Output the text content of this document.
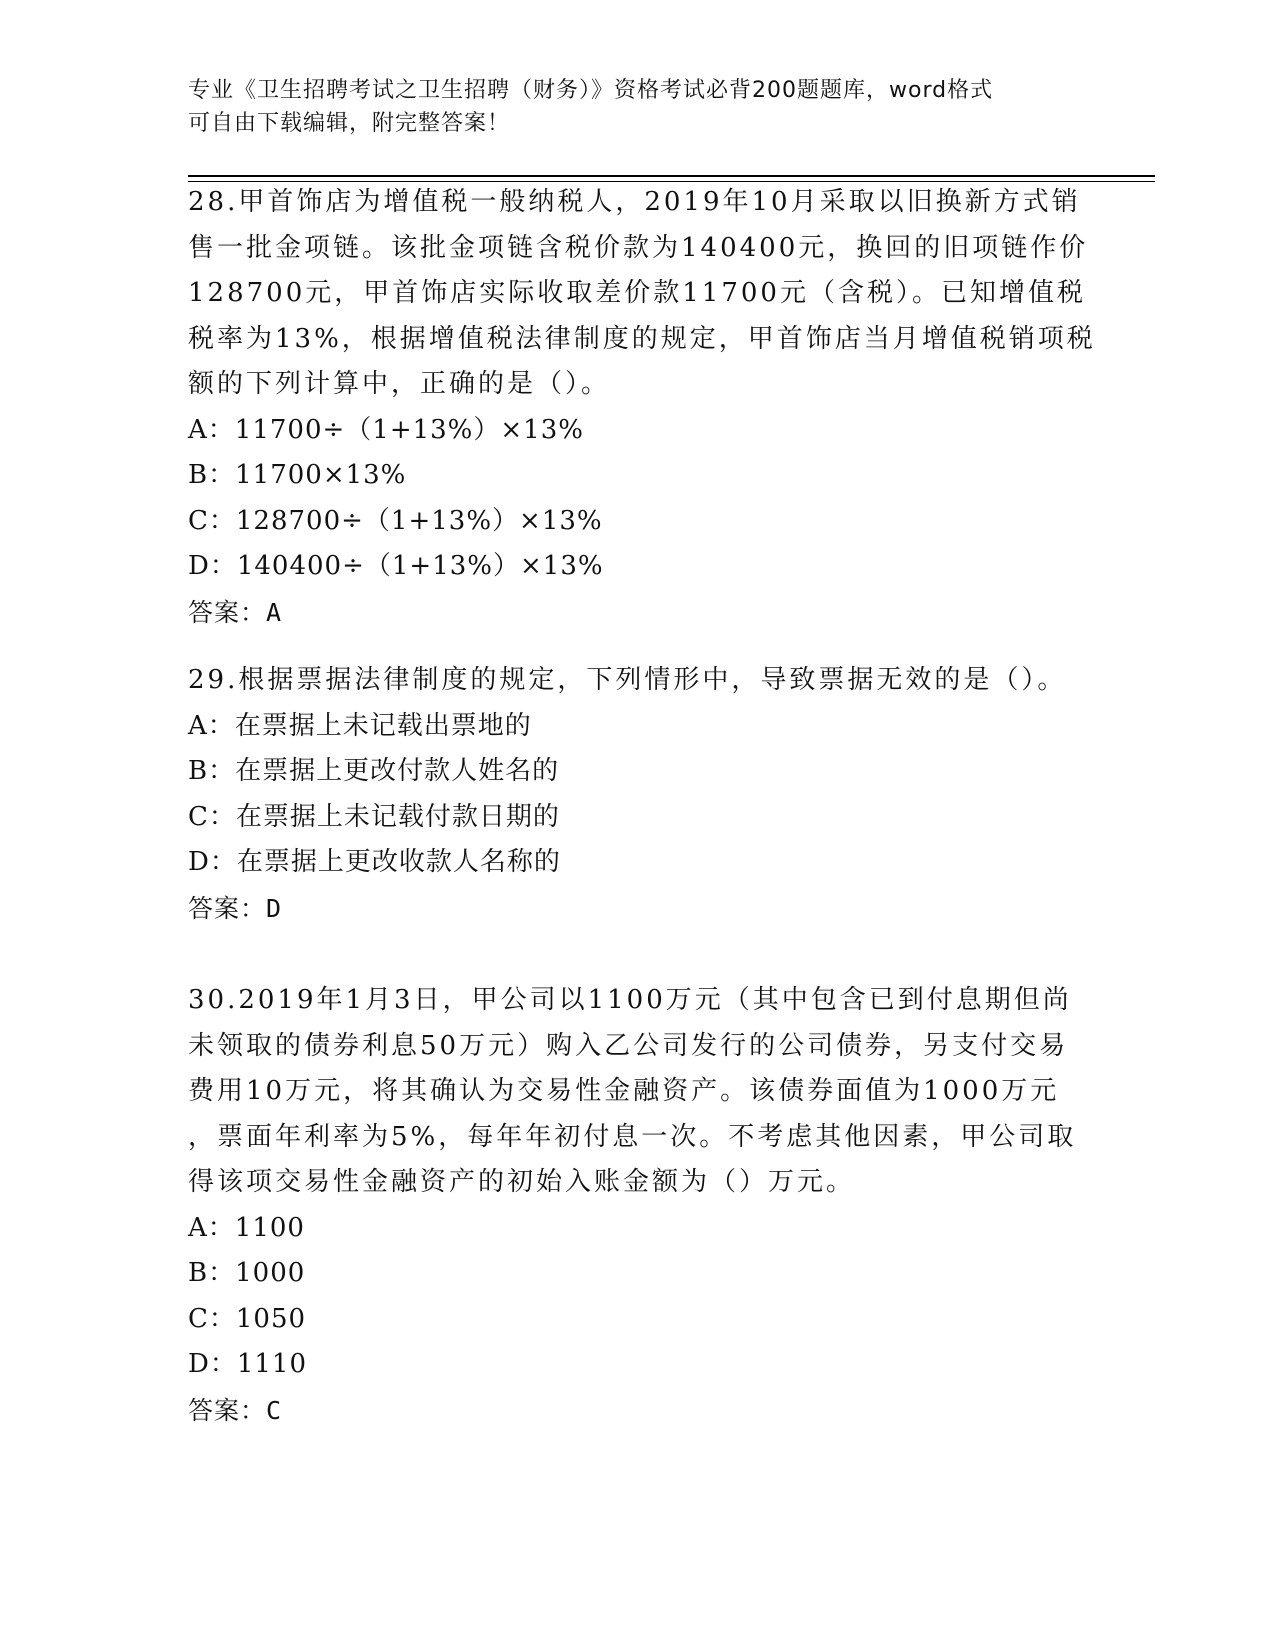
专业《卫生招聘考试之卫生招聘（财务）》资格考试必背200题题库，word格式
可自由下载编辑，附完整答案！
28.甲首饰店为增值税一般纳税人，2019年10月采取以旧换新方式销
售一批金项链。该批金项链含税价款为140400元，换回的旧项链作价
128700元，甲首饰店实际收取差价款11700元（含税）。已知增值税
税率为13%，根据增值税法律制度的规定，甲首饰店当月增值税销项税
额的下列计算中，正确的是（）。
A：11700÷（1+13%）×13%
B：11700×13%
C：128700÷（1+13%）×13%
D：140400÷（1+13%）×13%
答案：A
29.根据票据法律制度的规定，下列情形中，导致票据无效的是（）。
A：在票据上未记载出票地的
B：在票据上更改付款人姓名的
C：在票据上未记载付款日期的
D：在票据上更改收款人名称的
答案：D
30.2019年1月3日，甲公司以1100万元（其中包含已到付息期但尚
未领取的债券利息50万元）购入乙公司发行的公司债券，另支付交易
费用10万元，将其确认为交易性金融资产。该债券面值为1000万元
，票面年利率为5%，每年年初付息一次。不考虑其他因素，甲公司取
得该项交易性金融资产的初始入账金额为（）万元。
A：1100
B：1000
C：1050
D：1110
答案：C
